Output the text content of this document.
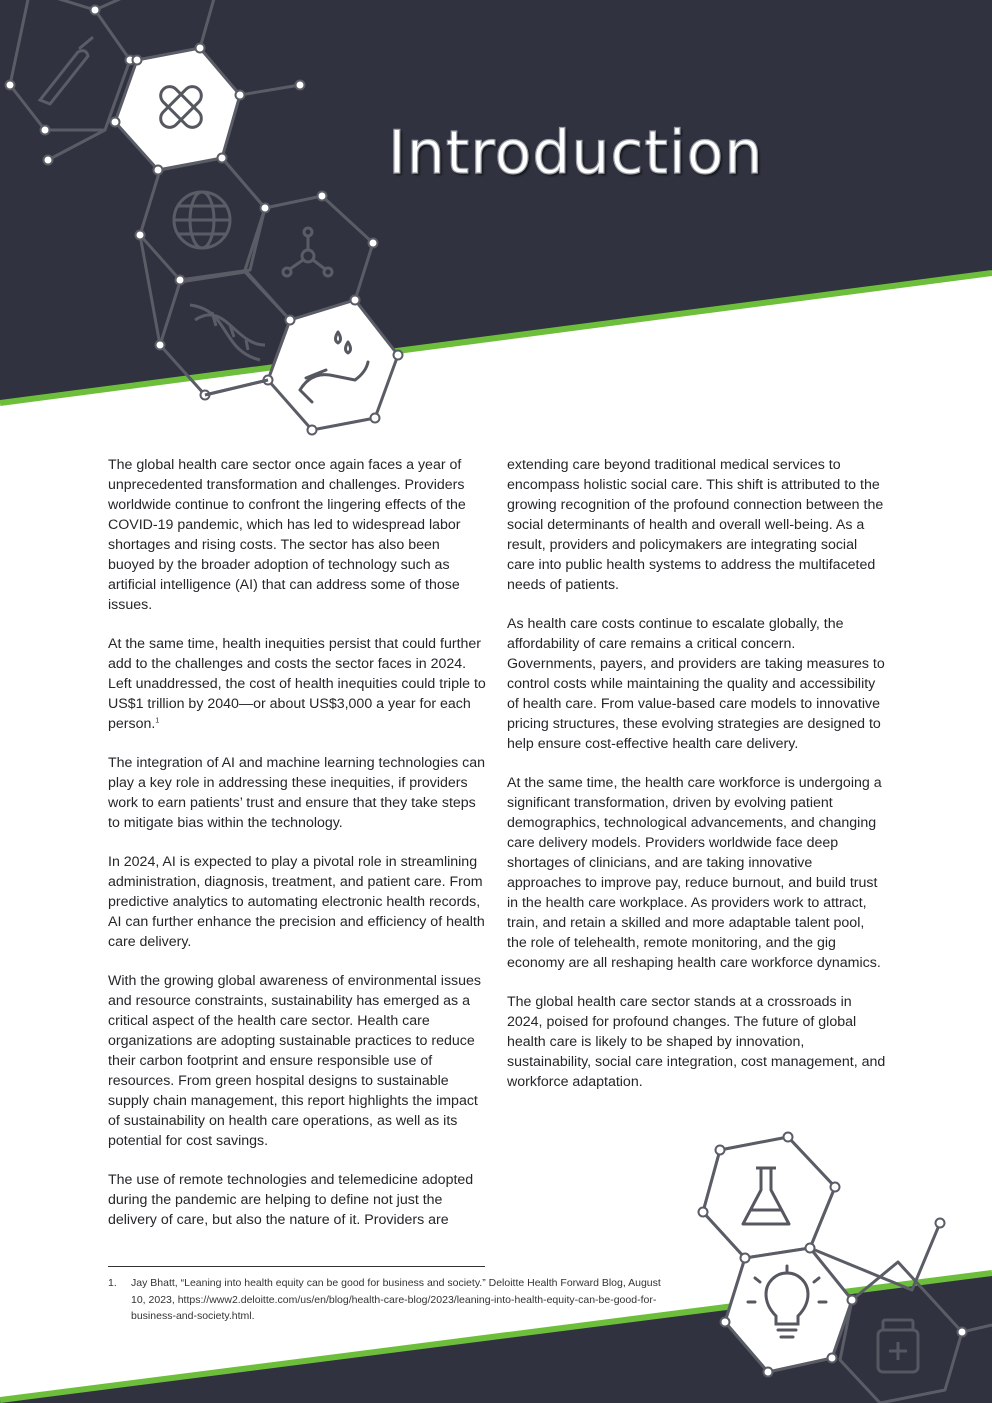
Introduction

The global health care sector once again faces a year of unprecedented transformation and challenges. Providers worldwide continue to confront the lingering effects of the COVID-19 pandemic, which has led to widespread labor shortages and rising costs. The sector has also been buoyed by the broader adoption of technology such as artificial intelligence (AI) that can address some of those issues.

At the same time, health inequities persist that could further add to the challenges and costs the sector faces in 2024. Left unaddressed, the cost of health inequities could triple to US$1 trillion by 2040—or about US$3,000 a year for each person.$^1$

The integration of AI and machine learning technologies can play a key role in addressing these inequities, if providers work to earn patients’ trust and ensure that they take steps to mitigate bias within the technology.

In 2024, AI is expected to play a pivotal role in streamlining administration, diagnosis, treatment, and patient care. From predictive analytics to automating electronic health records, AI can further enhance the precision and efficiency of health care delivery.

With the growing global awareness of environmental issues and resource constraints, sustainability has emerged as a critical aspect of the health care sector. Health care organizations are adopting sustainable practices to reduce their carbon footprint and ensure responsible use of resources. From green hospital designs to sustainable supply chain management, this report highlights the impact of sustainability on health care operations, as well as its potential for cost savings.

The use of remote technologies and telemedicine adopted during the pandemic are helping to define not just the delivery of care, but also the nature of it. Providers are

extending care beyond traditional medical services to encompass holistic social care. This shift is attributed to the growing recognition of the profound connection between the social determinants of health and overall well-being. As a result, providers and policymakers are integrating social care into public health systems to address the multifaceted needs of patients.

As health care costs continue to escalate globally, the affordability of care remains a critical concern. Governments, payers, and providers are taking measures to control costs while maintaining the quality and accessibility of health care. From value-based care models to innovative pricing structures, these evolving strategies are designed to help ensure cost-effective health care delivery.

At the same time, the health care workforce is undergoing a significant transformation, driven by evolving patient demographics, technological advancements, and changing care delivery models. Providers worldwide face deep shortages of clinicians, and are taking innovative approaches to improve pay, reduce burnout, and build trust in the health care workplace. As providers work to attract, train, and retain a skilled and more adaptable talent pool, the role of telehealth, remote monitoring, and the gig economy are all reshaping health care workforce dynamics.

The global health care sector stands at a crossroads in 2024, poised for profound changes. The future of global health care is likely to be shaped by innovation, sustainability, social care integration, cost management, and workforce adaptation.

1. Jay Bhatt, “Leaning into health equity can be good for business and society.” Deloitte Health Forward Blog, August 10, 2023, https://www2.deloitte.com/us/en/blog/health-care-blog/2023/leaning-into-health-equity-can-be-good-for-business-and-society.html.
